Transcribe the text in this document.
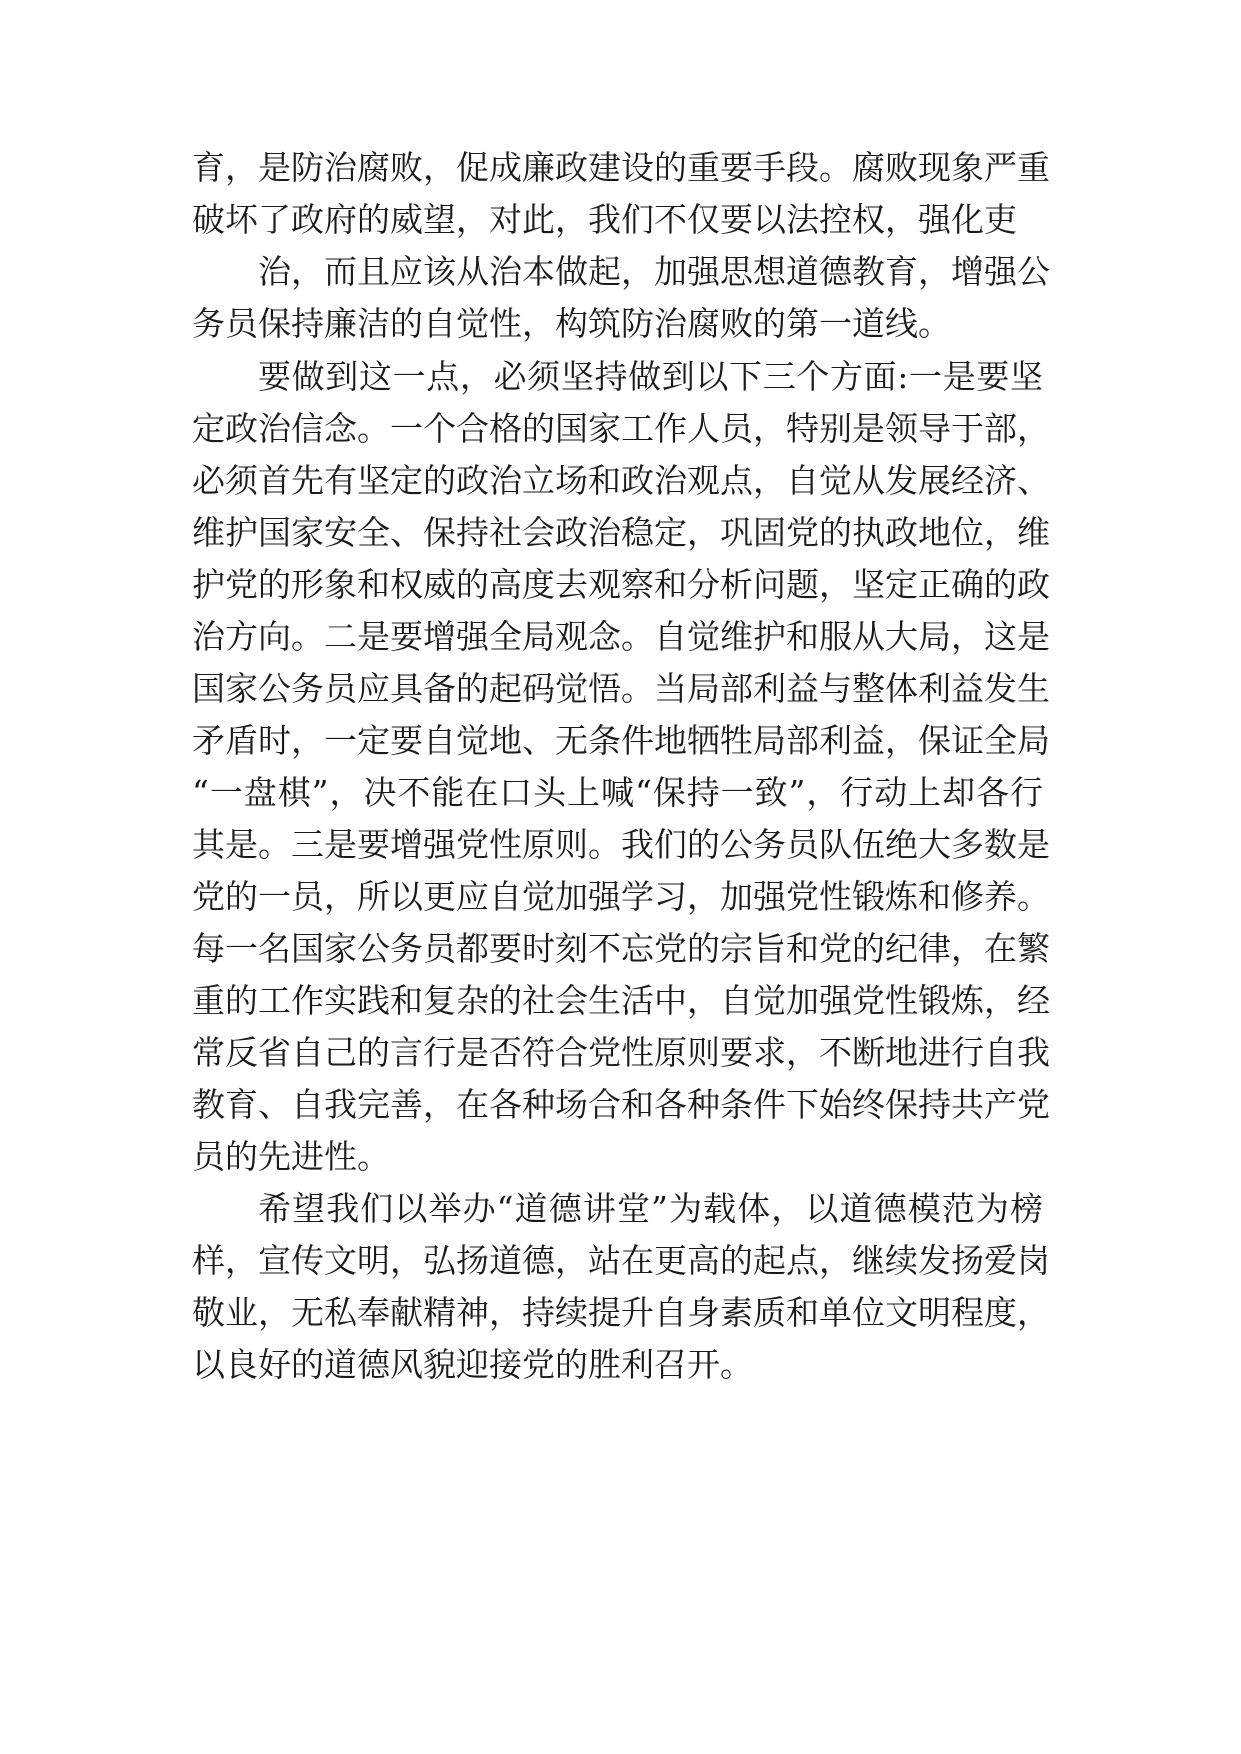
育，是防治腐败，促成廉政建设的重要手段。腐败现象严重
破坏了政府的威望，对此，我们不仅要以法控权，强化吏
治，而且应该从治本做起，加强思想道德教育，增强公
务员保持廉洁的自觉性，构筑防治腐败的第一道线。
要做到这一点，必须坚持做到以下三个方面:一是要坚
定政治信念。一个合格的国家工作人员，特别是领导于部，
必须首先有坚定的政治立场和政治观点，自觉从发展经济、
维护国家安全、保持社会政治稳定，巩固党的执政地位，维
护党的形象和权威的高度去观察和分析问题，坚定正确的政
治方向。二是要增强全局观念。自觉维护和服从大局，这是
国家公务员应具备的起码觉悟。当局部利益与整体利益发生
矛盾时，一定要自觉地、无条件地牺牲局部利益，保证全局
“一盘棋”，决不能在口头上喊“保持一致”，行动上却各行
其是。三是要增强党性原则。我们的公务员队伍绝大多数是
党的一员，所以更应自觉加强学习，加强党性锻炼和修养。
每一名国家公务员都要时刻不忘党的宗旨和党的纪律，在繁
重的工作实践和复杂的社会生活中，自觉加强党性锻炼，经
常反省自己的言行是否符合党性原则要求，不断地进行自我
教育、自我完善，在各种场合和各种条件下始终保持共产党
员的先进性。
希望我们以举办“道德讲堂”为载体，以道德模范为榜
样，宣传文明，弘扬道德，站在更高的起点，继续发扬爱岗
敬业，无私奉献精神，持续提升自身素质和单位文明程度，
以良好的道德风貌迎接党的胜利召开。
